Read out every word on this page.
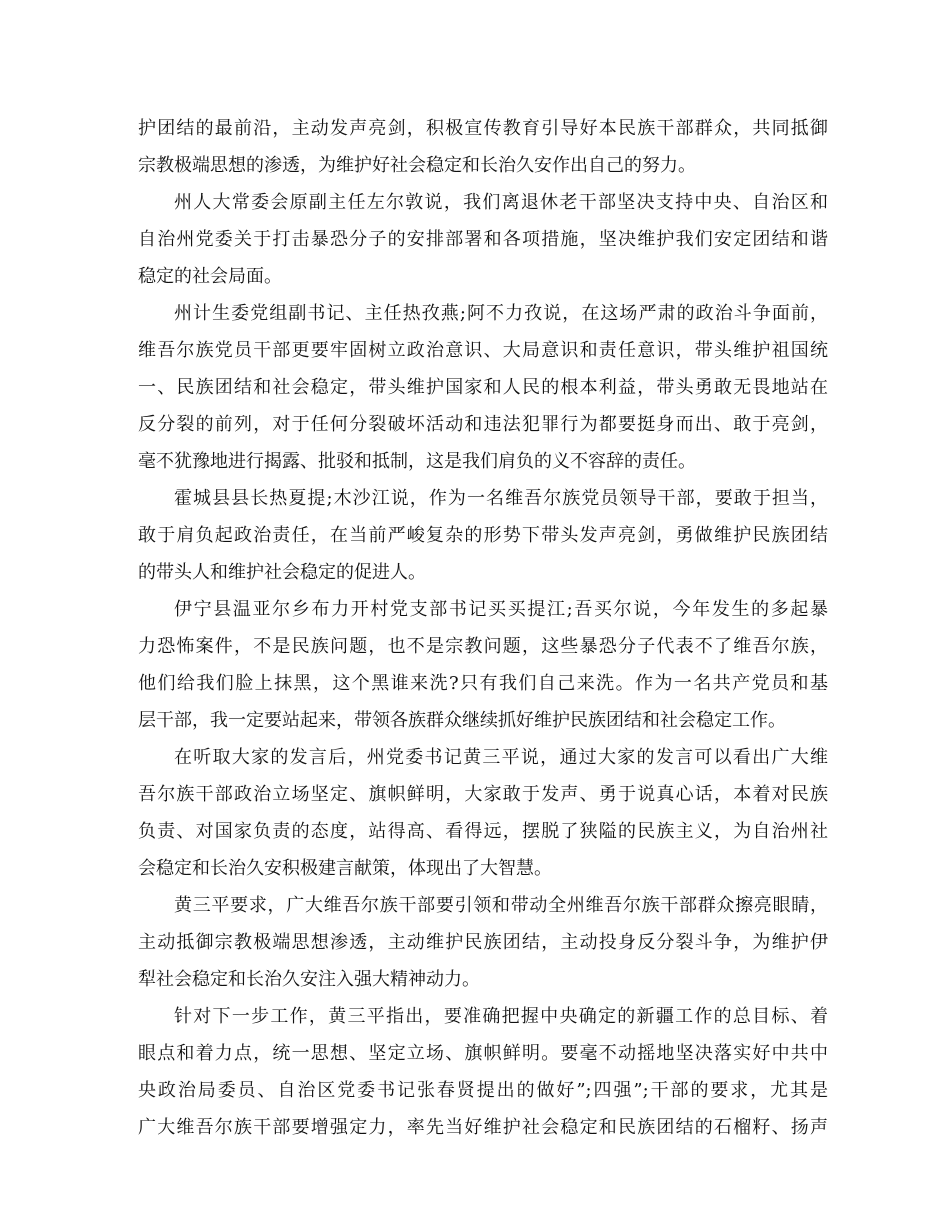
护团结的最前沿，主动发声亮剑，积极宣传教育引导好本民族干部群众，共同抵御
宗教极端思想的渗透，为维护好社会稳定和长治久安作出自己的努力。
州人大常委会原副主任左尔敦说，我们离退休老干部坚决支持中央、自治区和
自治州党委关于打击暴恐分子的安排部署和各项措施，坚决维护我们安定团结和谐
稳定的社会局面。
州计生委党组副书记、主任热孜燕;阿不力孜说，在这场严肃的政治斗争面前，
维吾尔族党员干部更要牢固树立政治意识、大局意识和责任意识，带头维护祖国统
一、民族团结和社会稳定，带头维护国家和人民的根本利益，带头勇敢无畏地站在
反分裂的前列，对于任何分裂破坏活动和违法犯罪行为都要挺身而出、敢于亮剑，
毫不犹豫地进行揭露、批驳和抵制，这是我们肩负的义不容辞的责任。
霍城县县长热夏提;木沙江说，作为一名维吾尔族党员领导干部，要敢于担当，
敢于肩负起政治责任，在当前严峻复杂的形势下带头发声亮剑，勇做维护民族团结
的带头人和维护社会稳定的促进人。
伊宁县温亚尔乡布力开村党支部书记买买提江;吾买尔说，今年发生的多起暴
力恐怖案件，不是民族问题，也不是宗教问题，这些暴恐分子代表不了维吾尔族，
他们给我们脸上抹黑，这个黑谁来洗?只有我们自己来洗。作为一名共产党员和基
层干部，我一定要站起来，带领各族群众继续抓好维护民族团结和社会稳定工作。
在听取大家的发言后，州党委书记黄三平说，通过大家的发言可以看出广大维
吾尔族干部政治立场坚定、旗帜鲜明，大家敢于发声、勇于说真心话，本着对民族
负责、对国家负责的态度，站得高、看得远，摆脱了狭隘的民族主义，为自治州社
会稳定和长治久安积极建言献策，体现出了大智慧。
黄三平要求，广大维吾尔族干部要引领和带动全州维吾尔族干部群众擦亮眼睛，
主动抵御宗教极端思想渗透，主动维护民族团结，主动投身反分裂斗争，为维护伊
犁社会稳定和长治久安注入强大精神动力。
针对下一步工作，黄三平指出，要准确把握中央确定的新疆工作的总目标、着
眼点和着力点，统一思想、坚定立场、旗帜鲜明。要毫不动摇地坚决落实好中共中
央政治局委员、自治区党委书记张春贤提出的做好”;四强”;干部的要求，尤其是
广大维吾尔族干部要增强定力，率先当好维护社会稳定和民族团结的石榴籽、扬声
